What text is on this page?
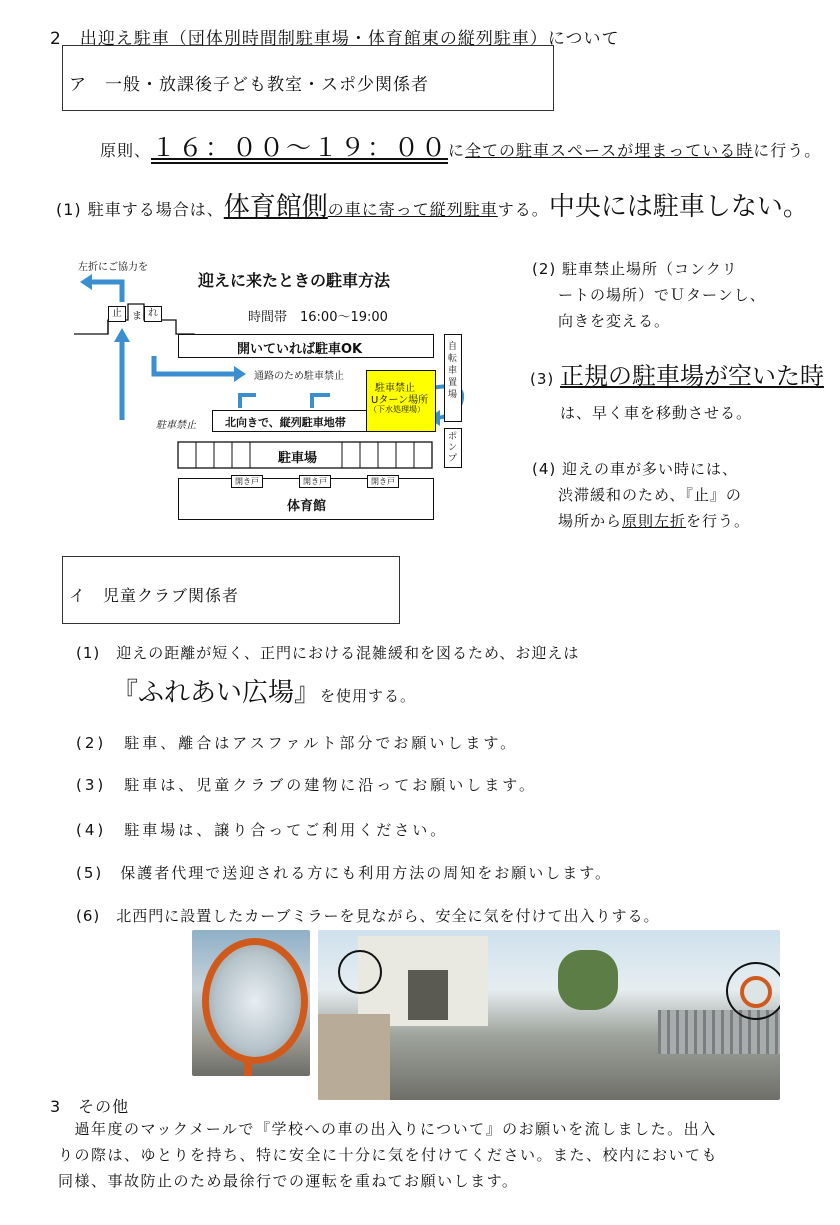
2　出迎え駐車（団体別時間制駐車場・体育館東の縦列駐車）について
ア　一般・放課後子ども教室・スポ少関係者
原則、１６：００～１９：００に全ての駐車スペースが埋まっている時に行う。
(1) 駐車する場合は、体育館側の車に寄って縦列駐車する。中央には駐車しない。
左折にご協力を
迎えに来たときの駐車方法
時間帯　16:00～19:00
止	ま れ
開いていれば駐車OK
通路のため駐車禁止
駐車禁止	北向きで、縦列駐車地帯
駐車禁止
Uターン場所
（下水処理場）
自転車置場
ポンプ
駐車場
開き戸	開き戸	開き戸
体育館
(2) 駐車禁止場所（コンクリ
ートの場所）でＵターンし、
向きを変える。
(3) 正規の駐車場が空いた時
は、早く車を移動させる。
(4) 迎えの車が多い時には、
渋滞緩和のため、『止』の
場所から原則左折を行う。
イ　児童クラブ関係者
(1)　迎えの距離が短く、正門における混雑緩和を図るため、お迎えは
『ふれあい広場』を使用する。
(2)　駐車、離合はアスファルト部分でお願いします。
(3)　駐車は、児童クラブの建物に沿ってお願いします。
(4)　駐車場は、譲り合ってご利用ください。
(5)　保護者代理で送迎される方にも利用方法の周知をお願いします。
(6)　北西門に設置したカーブミラーを見ながら、安全に気を付けて出入りする。
3　その他
　過年度のマックメールで『学校への車の出入りについて』のお願いを流しました。出入
りの際は、ゆとりを持ち、特に安全に十分に気を付けてください。また、校内においても
同様、事故防止のため最徐行での運転を重ねてお願いします。
